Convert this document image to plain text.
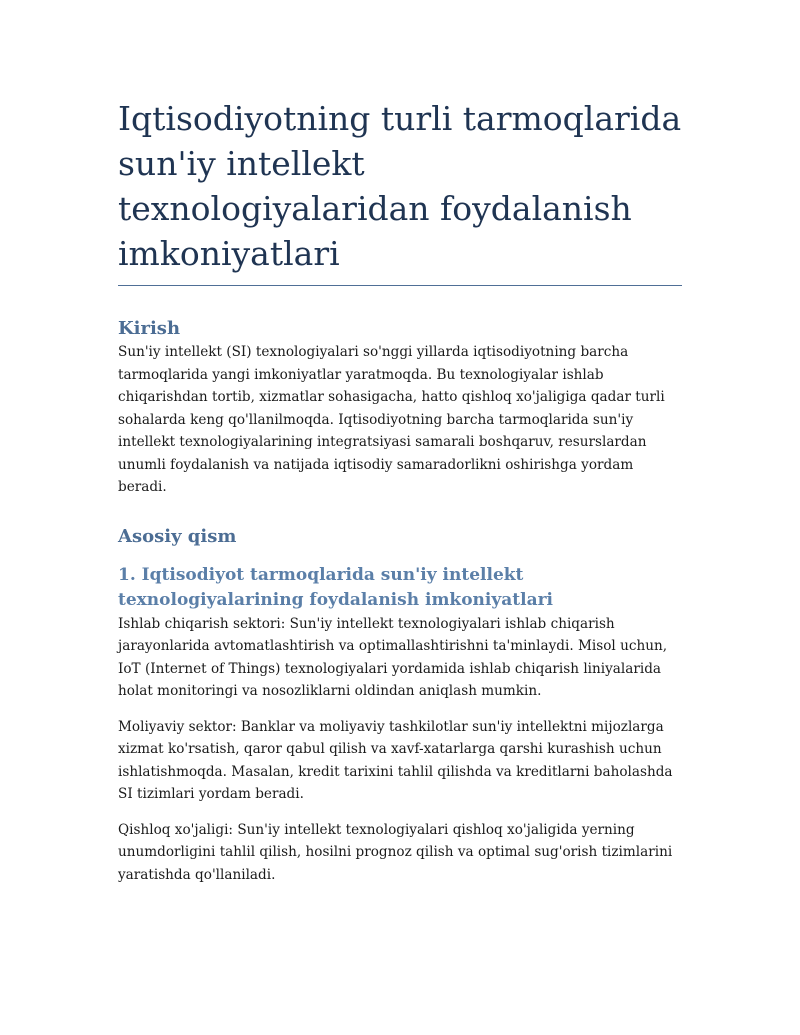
Iqtisodiyotning turli tarmoqlarida sun'iy intellekt texnologiyalaridan foydalanish imkoniyatlari
Kirish

Sun'iy intellekt (SI) texnologiyalari so'nggi yillarda iqtisodiyotning barcha tarmoqlarida yangi imkoniyatlar yaratmoqda. Bu texnologiyalar ishlab chiqarishdan tortib, xizmatlar sohasigacha, hatto qishloq xo'jaligiga qadar turli sohalarda keng qo'llanilmoqda. Iqtisodiyotning barcha tarmoqlarida sun'iy intellekt texnologiyalarining integratsiyasi samarali boshqaruv, resurslardan unumli foydalanish va natijada iqtisodiy samaradorlikni oshirishga yordam beradi.

Asosiy qism
1. Iqtisodiyot tarmoqlarida sun'iy intellekt texnologiyalarining foydalanish imkoniyatlari

Ishlab chiqarish sektori: Sun'iy intellekt texnologiyalari ishlab chiqarish jarayonlarida avtomatlashtirish va optimallashtirishni ta'minlaydi. Misol uchun, IoT (Internet of Things) texnologiyalari yordamida ishlab chiqarish liniyalarida holat monitoringi va nosozliklarni oldindan aniqlash mumkin.

Moliyaviy sektor: Banklar va moliyaviy tashkilotlar sun'iy intellektni mijozlarga xizmat ko'rsatish, qaror qabul qilish va xavf-xatarlarga qarshi kurashish uchun ishlatishmoqda. Masalan, kredit tarixini tahlil qilishda va kreditlarni baholashda SI tizimlari yordam beradi.

Qishloq xo'jaligi: Sun'iy intellekt texnologiyalari qishloq xo'jaligida yerning unumdorligini tahlil qilish, hosilni prognoz qilish va optimal sug'orish tizimlarini yaratishda qo'llaniladi.
